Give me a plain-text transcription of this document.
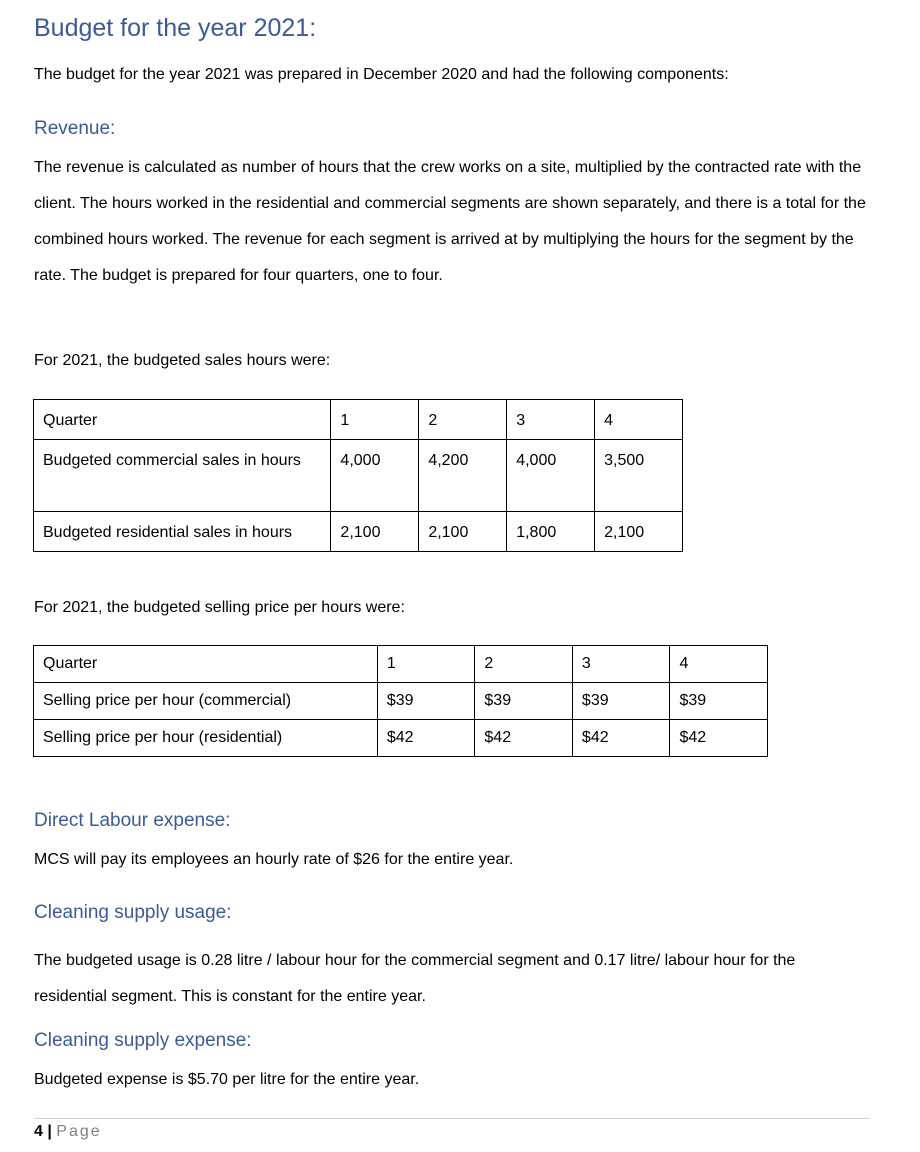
Budget for the year 2021:

The budget for the year 2021 was prepared in December 2020 and had the following components:

Revenue:

The revenue is calculated as number of hours that the crew works on a site, multiplied by the contracted rate with the client. The hours worked in the residential and commercial segments are shown separately, and there is a total for the combined hours worked. The revenue for each segment is arrived at by multiplying the hours for the segment by the rate. The budget is prepared for four quarters, one to four.

For 2021, the budgeted sales hours were:

Quarter	1	2	3	4
Budgeted commercial sales in hours	4,000	4,200	4,000	3,500
Budgeted residential sales in hours	2,100	2,100	1,800	2,100

For 2021, the budgeted selling price per hours were:

Quarter	1	2	3	4
Selling price per hour (commercial)	$39	$39	$39	$39
Selling price per hour (residential)	$42	$42	$42	$42
Direct Labour expense:

MCS will pay its employees an hourly rate of $26 for the entire year.

Cleaning supply usage:

The budgeted usage is 0.28 litre / labour hour for the commercial segment and 0.17 litre/ labour hour for the residential segment. This is constant for the entire year.

Cleaning supply expense:

Budgeted expense is $5.70 per litre for the entire year.

4 | Page
